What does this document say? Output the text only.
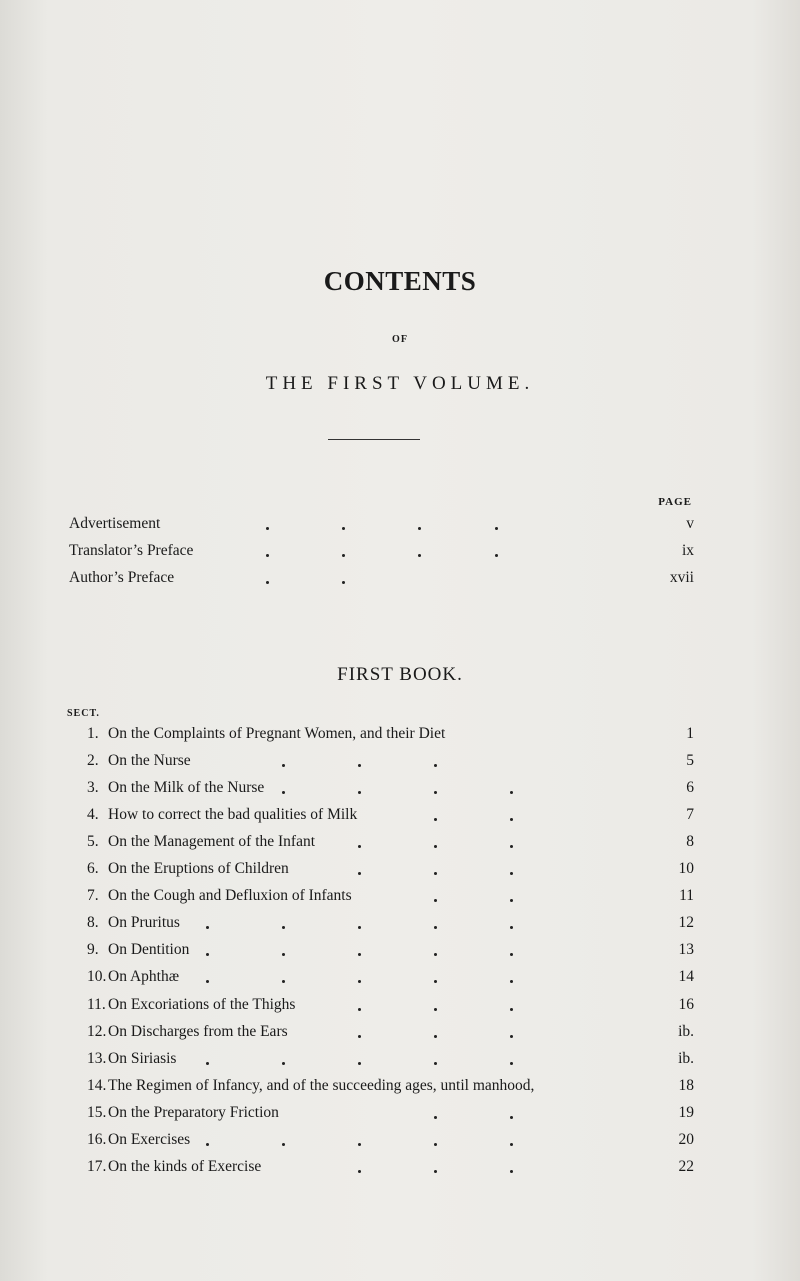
CONTENTS
OF
THE FIRST VOLUME.
PAGE
Advertisement	v
Translator’s Preface	ix
Author’s Preface	xvii
FIRST BOOK.
SECT.
1. On the Complaints of Pregnant Women, and their Diet	1
2. On the Nurse	5
3. On the Milk of the Nurse	6
4. How to correct the bad qualities of Milk	7
5. On the Management of the Infant	8
6. On the Eruptions of Children	10
7. On the Cough and Defluxion of Infants	11
8. On Pruritus	12
9. On Dentition	13
10. On Aphthæ	14
11. On Excoriations of the Thighs	16
12. On Discharges from the Ears	ib.
13. On Siriasis	ib.
14. The Regimen of Infancy, and of the succeeding ages, until manhood,	18
15. On the Preparatory Friction	19
16. On Exercises	20
17. On the kinds of Exercise	22
